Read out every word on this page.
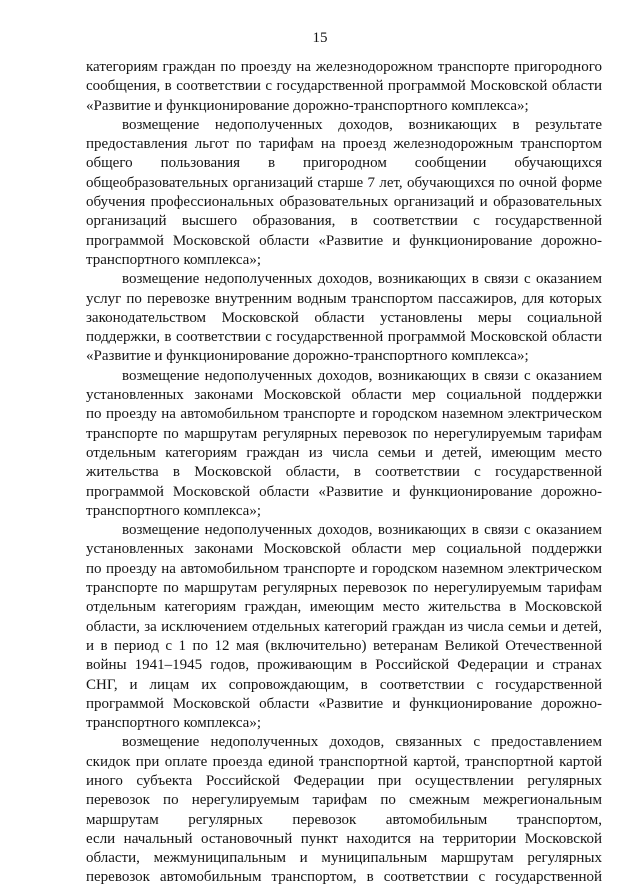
15
категориям граждан по проезду на железнодорожном транспорте пригородного
сообщения, в соответствии с государственной программой Московской области
«Развитие и функционирование дорожно-транспортного комплекса»;
возмещение недополученных доходов, возникающих в результате
предоставления льгот по тарифам на проезд железнодорожным транспортом
общего пользования в пригородном сообщении обучающихся
общеобразовательных организаций старше 7 лет, обучающихся по очной форме
обучения профессиональных образовательных организаций и образовательных
организаций высшего образования, в соответствии с государственной
программой Московской области «Развитие и функционирование дорожно-
транспортного комплекса»;
возмещение недополученных доходов, возникающих в связи с оказанием
услуг по перевозке внутренним водным транспортом пассажиров, для которых
законодательством Московской области установлены меры социальной
поддержки, в соответствии с государственной программой Московской области
«Развитие и функционирование дорожно-транспортного комплекса»;
возмещение недополученных доходов, возникающих в связи с оказанием
установленных законами Московской области мер социальной поддержки
по проезду на автомобильном транспорте и городском наземном электрическом
транспорте по маршрутам регулярных перевозок по нерегулируемым тарифам
отдельным категориям граждан из числа семьи и детей, имеющим место
жительства в Московской области, в соответствии с государственной
программой Московской области «Развитие и функционирование дорожно-
транспортного комплекса»;
возмещение недополученных доходов, возникающих в связи с оказанием
установленных законами Московской области мер социальной поддержки
по проезду на автомобильном транспорте и городском наземном электрическом
транспорте по маршрутам регулярных перевозок по нерегулируемым тарифам
отдельным категориям граждан, имеющим место жительства в Московской
области, за исключением отдельных категорий граждан из числа семьи и детей,
и в период с 1 по 12 мая (включительно) ветеранам Великой Отечественной
войны 1941–1945 годов, проживающим в Российской Федерации и странах
СНГ, и лицам их сопровождающим, в соответствии с государственной
программой Московской области «Развитие и функционирование дорожно-
транспортного комплекса»;
возмещение недополученных доходов, связанных с предоставлением
скидок при оплате проезда единой транспортной картой, транспортной картой
иного субъекта Российской Федерации при осуществлении регулярных
перевозок по нерегулируемым тарифам по смежным межрегиональным
маршрутам регулярных перевозок автомобильным транспортом,
если начальный остановочный пункт находится на территории Московской
области, межмуниципальным и муниципальным маршрутам регулярных
перевозок автомобильным транспортом, в соответствии с государственной
